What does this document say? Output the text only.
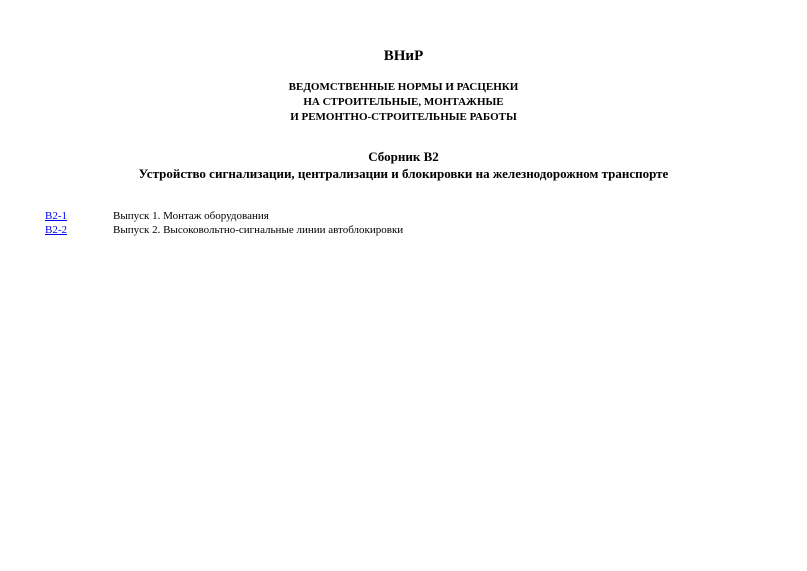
ВНиР
ВЕДОМСТВЕННЫЕ НОРМЫ И РАСЦЕНКИ
НА СТРОИТЕЛЬНЫЕ, МОНТАЖНЫЕ
И РЕМОНТНО-СТРОИТЕЛЬНЫЕ РАБОТЫ
Сборник В2
Устройство сигнализации, централизации и блокировки на железнодорожном транспорте
В2-1	Выпуск 1. Монтаж оборудования
В2-2	Выпуск 2. Высоковольтно-сигнальные линии автоблокировки
